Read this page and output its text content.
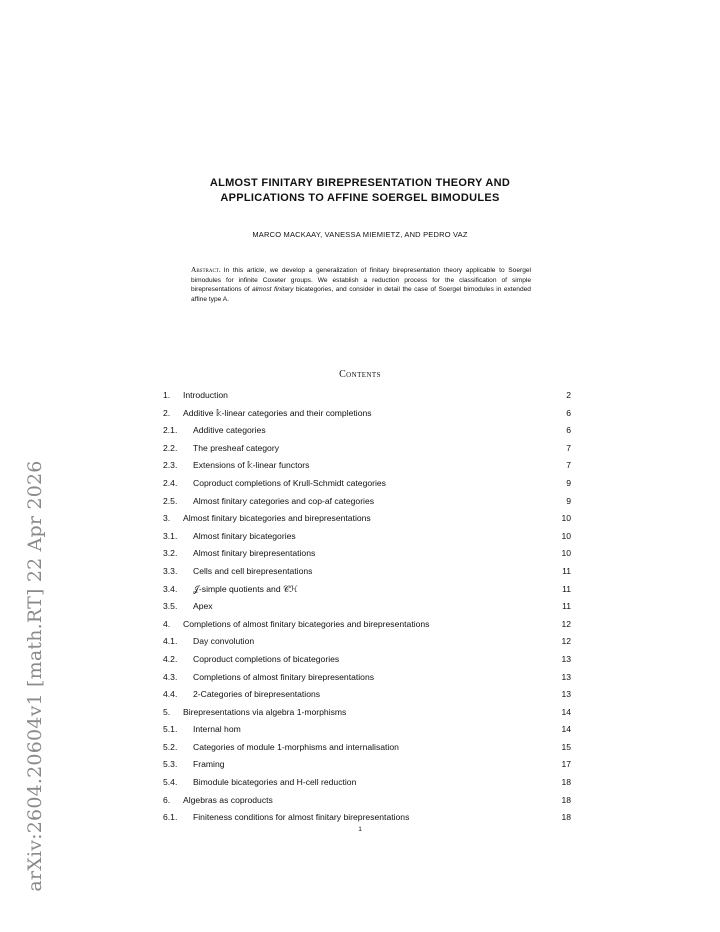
arXiv:2604.20604v1 [math.RT] 22 Apr 2026
ALMOST FINITARY BIREPRESENTATION THEORY AND
APPLICATIONS TO AFFINE SOERGEL BIMODULES
MARCO MACKAAY, VANESSA MIEMIETZ, AND PEDRO VAZ
Abstract. In this article, we develop a generalization of finitary birepresentation theory applicable to Soergel bimodules for infinite Coxeter groups. We establish a reduction process for the classification of simple birepresentations of almost finitary bicategories, and consider in detail the case of Soergel bimodules in extended affine type A.
Contents
1. Introduction	2
2. Additive 𝕜-linear categories and their completions	6
2.1. Additive categories	6
2.2. The presheaf category	7
2.3. Extensions of 𝕜-linear functors	7
2.4. Coproduct completions of Krull-Schmidt categories	9
2.5. Almost finitary categories and cop-af categories	9
3. Almost finitary bicategories and birepresentations	10
3.1. Almost finitary bicategories	10
3.2. Almost finitary birepresentations	10
3.3. Cells and cell birepresentations	11
3.4. 𝒥-simple quotients and 𝒞ℋ	11
3.5. Apex	11
4. Completions of almost finitary bicategories and birepresentations	12
4.1. Day convolution	12
4.2. Coproduct completions of bicategories	13
4.3. Completions of almost finitary birepresentations	13
4.4. 2-Categories of birepresentations	13
5. Birepresentations via algebra 1-morphisms	14
5.1. Internal hom	14
5.2. Categories of module 1-morphisms and internalisation	15
5.3. Framing	17
5.4. Bimodule bicategories and H-cell reduction	18
6. Algebras as coproducts	18
6.1. Finiteness conditions for almost finitary birepresentations	18
1
